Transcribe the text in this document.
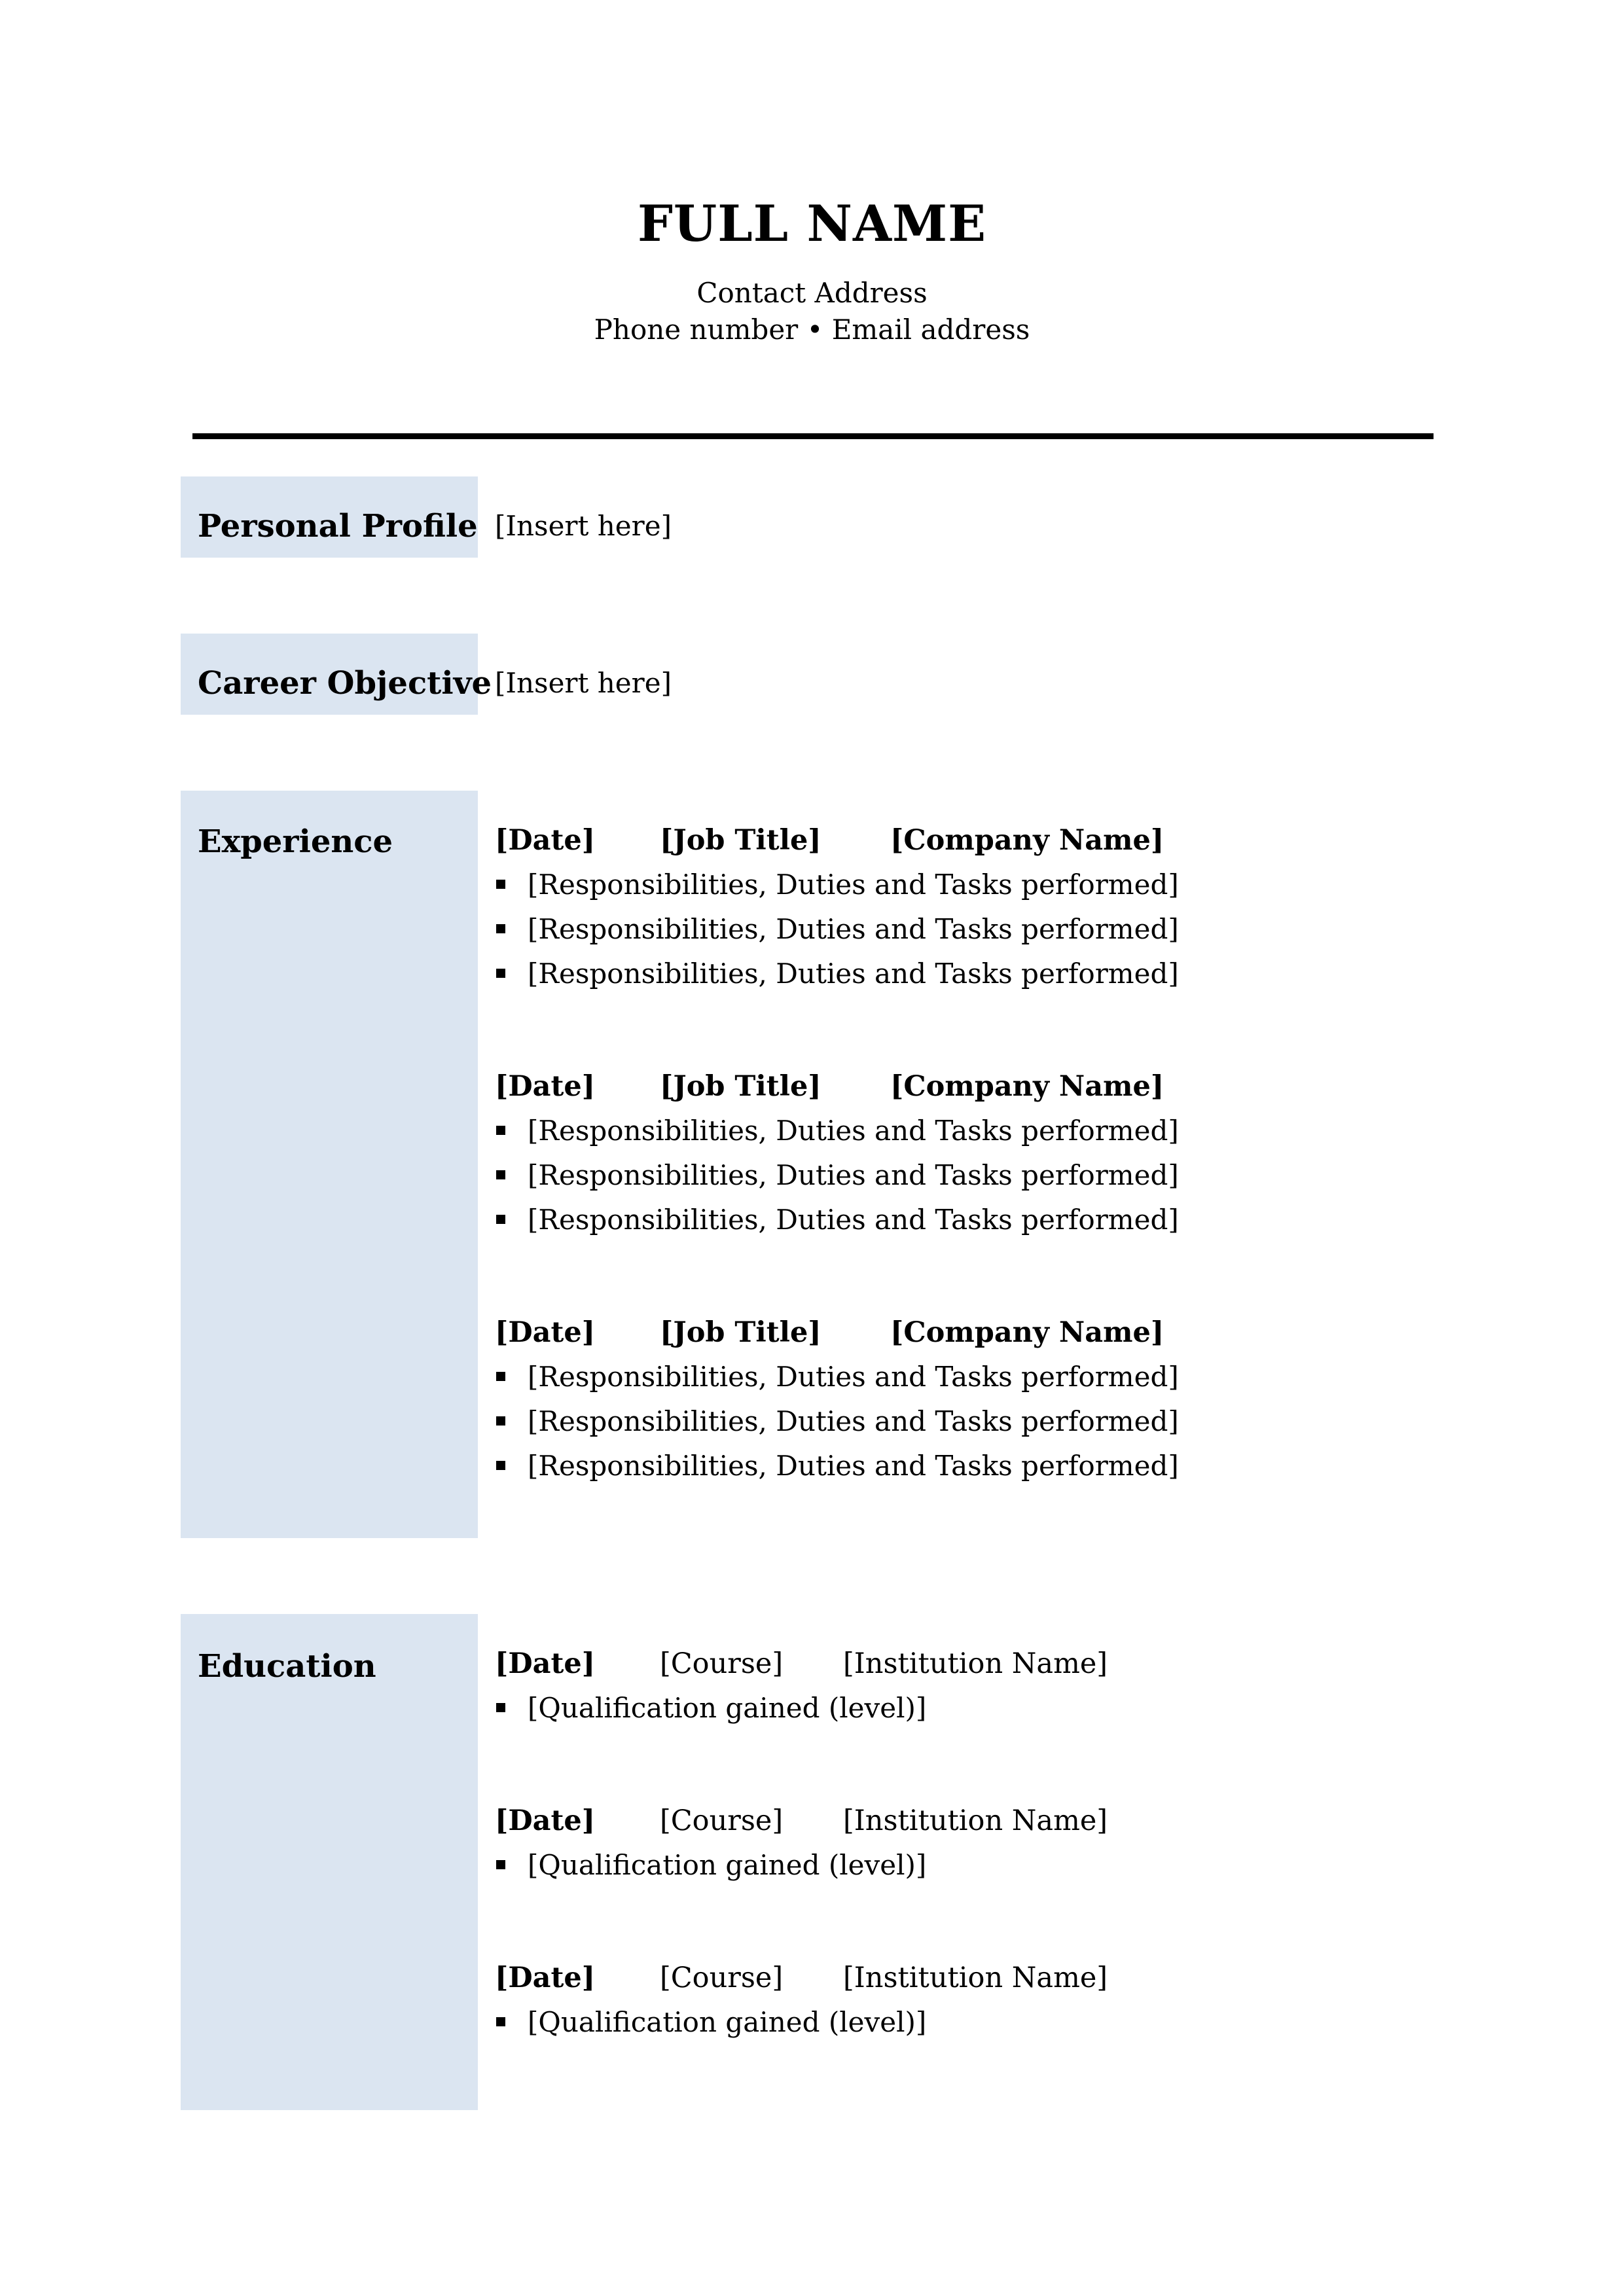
FULL NAME
Contact Address
Phone number • Email address
Personal Profile [Insert here]
Career Objective [Insert here]
Experience	[Date] [Job Title] [Company Name]
[Responsibilities, Duties and Tasks performed]
[Responsibilities, Duties and Tasks performed]
[Responsibilities, Duties and Tasks performed]
[Date] [Job Title] [Company Name]
[Responsibilities, Duties and Tasks performed]
[Responsibilities, Duties and Tasks performed]
[Responsibilities, Duties and Tasks performed]
[Date] [Job Title] [Company Name]
[Responsibilities, Duties and Tasks performed]
[Responsibilities, Duties and Tasks performed]
[Responsibilities, Duties and Tasks performed]
Education	[Date] [Course] [Institution Name]
[Qualification gained (level)]
[Date] [Course] [Institution Name]
[Qualification gained (level)]
[Date] [Course] [Institution Name]
[Qualification gained (level)]
